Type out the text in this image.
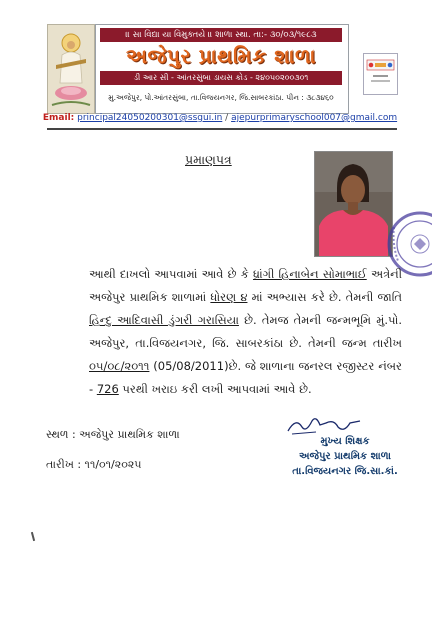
॥ સા વિદ્યા યા વિમુક્તયે ॥ શાળા સ્થા. તા:- ૩૦/૦૩/૧૯૮૩
અજેપુર પ્રાથમિક શાળા
ડી આર સી - આંતરસુંબા ડાયસ કોડ - ૨૪૦૫૦૨૦૦૩૦૧
મુ.અજેપુર, પો.આંતરસુંબા, તા.વિજયનગર, જિ.સાબરકાંઠા. પીન : ૩૮૩૪૬૦
Email: principal24050200301@ssgui.in / ajepurprimaryschool007@gmail.com
પ્રમાણપત્ર

આથી દાખલો આપવામાં આવે છે કે ધ્રાંગી હિનાબેન સોમાભાઈ અત્રેની અજેપુર પ્રાથમિક શાળામાં ધોરણ ૪ માં અભ્યાસ કરે છે. તેમની જાતિ હિન્દુ આદિવાસી ડુંગરી ગરાસિયા છે. તેમજ તેમની જન્મભૂમિ મું.પો. અજેપુર, તા.વિજયનગર, જિ. સાબરકાંઠા છે. તેમની જન્મ તારીખ ૦૫/૦૮/૨૦૧૧ (05/08/2011)છે. જે શાળાના જનરલ રજીસ્ટર નંબર - 726 પરથી ખરાઇ કરી લખી આપવામાં આવે છે.

સ્થળ : અજેપુર પ્રાથમિક શાળા
તારીખ : ૧૧/૦૧/૨૦૨૫
મુખ્ય શિક્ષક
અજેપુર પ્રાથમિક શાળા
તા.વિજયનગર જિ.સા.કાં.
